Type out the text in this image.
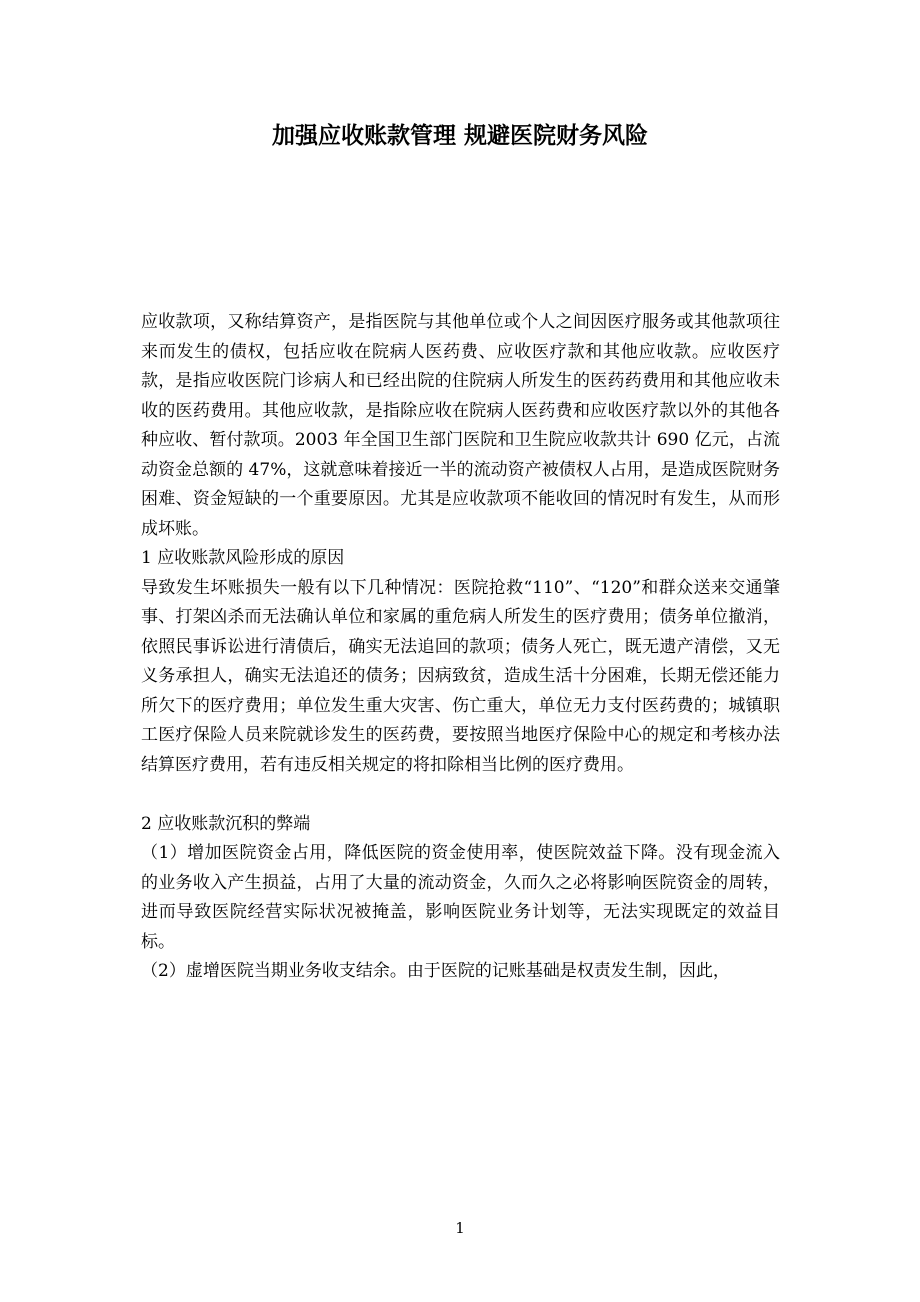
加强应收账款管理 规避医院财务风险

应收款项，又称结算资产，是指医院与其他单位或个人之间因医疗服务或其他款项往来而发生的债权，包括应收在院病人医药费、应收医疗款和其他应收款。应收医疗款，是指应收医院门诊病人和已经出院的住院病人所发生的医药药费用和其他应收未收的医药费用。其他应收款，是指除应收在院病人医药费和应收医疗款以外的其他各种应收、暂付款项。2003 年全国卫生部门医院和卫生院应收款共计 690 亿元，占流动资金总额的 47%，这就意味着接近一半的流动资产被债权人占用，是造成医院财务困难、资金短缺的一个重要原因。尤其是应收款项不能收回的情况时有发生，从而形成坏账。

1 应收账款风险形成的原因

导致发生坏账损失一般有以下几种情况：医院抢救“110”、“120”和群众送来交通肇事、打架凶杀而无法确认单位和家属的重危病人所发生的医疗费用；债务单位撤消，依照民事诉讼进行清债后，确实无法追回的款项；债务人死亡，既无遗产清偿，又无义务承担人，确实无法追还的债务；因病致贫，造成生活十分困难，长期无偿还能力所欠下的医疗费用；单位发生重大灾害、伤亡重大，单位无力支付医药费的；城镇职工医疗保险人员来院就诊发生的医药费，要按照当地医疗保险中心的规定和考核办法结算医疗费用，若有违反相关规定的将扣除相当比例的医疗费用。

2 应收账款沉积的弊端

（1）增加医院资金占用，降低医院的资金使用率，使医院效益下降。没有现金流入的业务收入产生损益，占用了大量的流动资金，久而久之必将影响医院资金的周转，进而导致医院经营实际状况被掩盖，影响医院业务计划等，无法实现既定的效益目标。

（2）虚增医院当期业务收支结余。由于医院的记账基础是权责发生制，因此，

1
